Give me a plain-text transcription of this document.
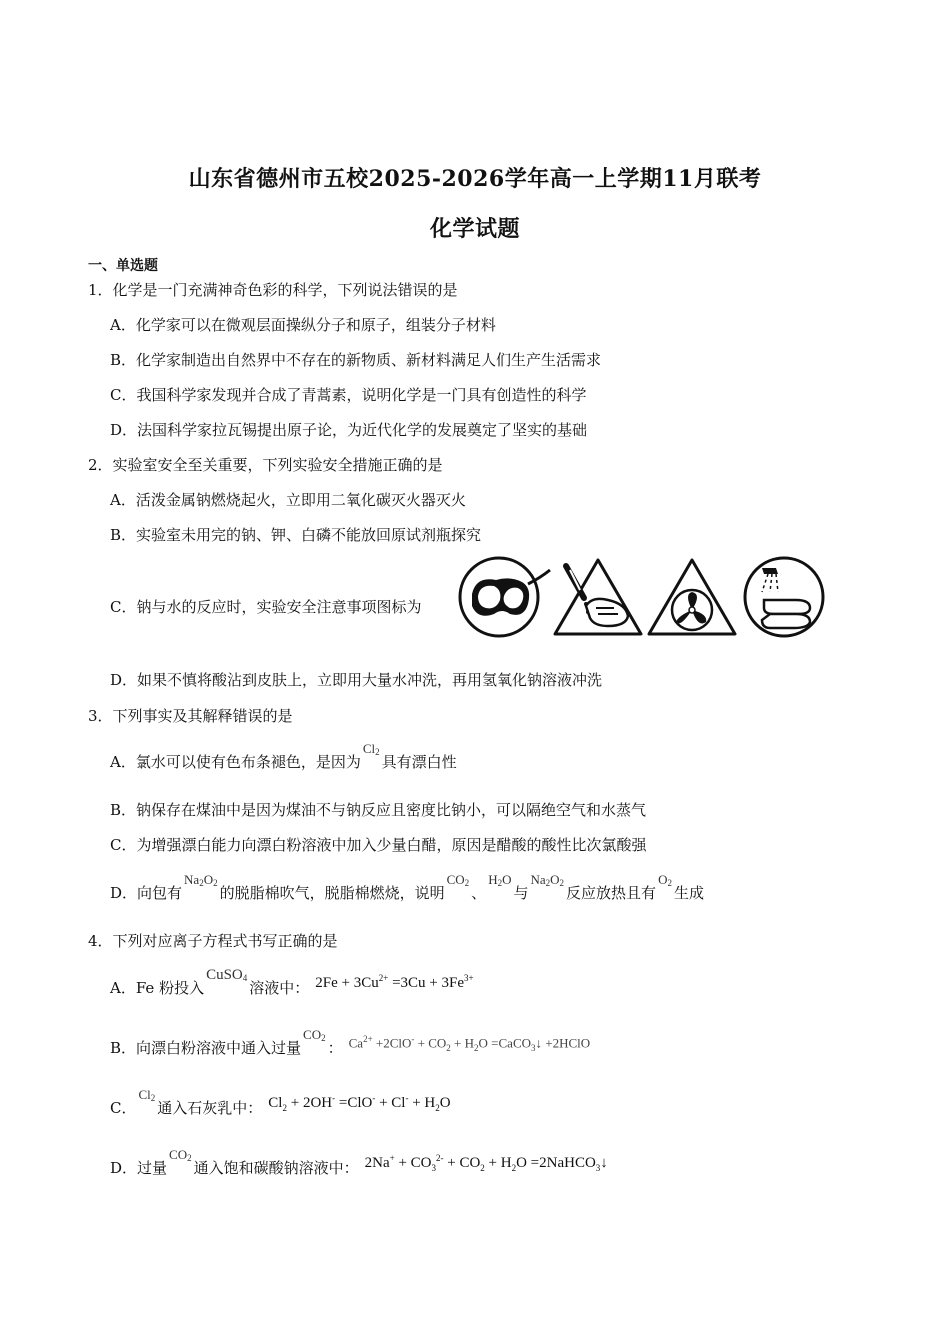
山东省德州市五校2025-2026学年高一上学期11月联考
化学试题
一、单选题
1．化学是一门充满神奇色彩的科学，下列说法错误的是
A．化学家可以在微观层面操纵分子和原子，组装分子材料
B．化学家制造出自然界中不存在的新物质、新材料满足人们生产生活需求
C．我国科学家发现并合成了青蒿素，说明化学是一门具有创造性的科学
D．法国科学家拉瓦锡提出原子论，为近代化学的发展奠定了坚实的基础
2．实验室安全至关重要，下列实验安全措施正确的是
A．活泼金属钠燃烧起火，立即用二氧化碳灭火器灭火
B．实验室未用完的钠、钾、白磷不能放回原试剂瓶探究
C．钠与水的反应时，实验安全注意事项图标为
D．如果不慎将酸沾到皮肤上，立即用大量水冲洗，再用氢氧化钠溶液冲洗
3．下列事实及其解释错误的是
A．氯水可以使有色布条褪色，是因为$Cl_2$具有漂白性
B．钠保存在煤油中是因为煤油不与钠反应且密度比钠小，可以隔绝空气和水蒸气
C．为增强漂白能力向漂白粉溶液中加入少量白醋，原因是醋酸的酸性比次氯酸强
D．向包有$Na_2O_2$的脱脂棉吹气，脱脂棉燃烧，说明$CO_2$、$H_2O$与$Na_2O_2$反应放热且有$O_2$生成
4．下列对应离子方程式书写正确的是
A．Fe 粉投入CuSO$_4$溶液中： $2Fe + 3Cu^{2+} =3Cu + 3Fe^{3+}$
B．向漂白粉溶液中通入过量$CO_2$： $Ca^{2+} +2ClO^- + CO_2 + H_2O$ =CaCO$_3$↓ +2HClO
C．$Cl_2$通入石灰乳中： $Cl_2 + 2OH^- =ClO^- + Cl^- + H_2O$
D．过量$CO_2$通入饱和碳酸钠溶液中： $2Na^+ + CO_3^{2-} + CO_2 + H_2O$ =2NaHCO$_3$↓
